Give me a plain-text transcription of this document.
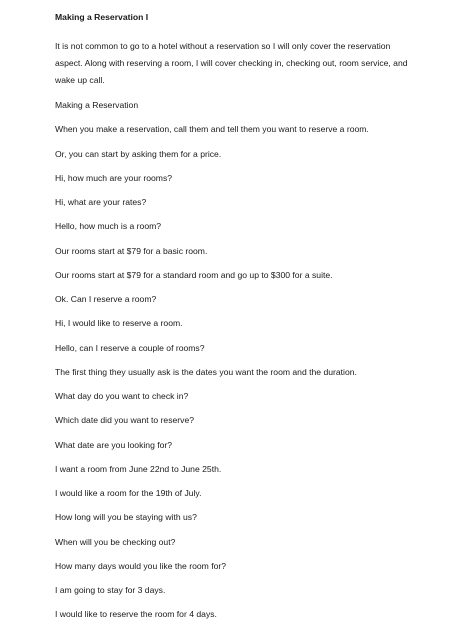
Making a Reservation I
It is not common to go to a hotel without a reservation so I will only cover the reservation
aspect. Along with reserving a room, I will cover checking in, checking out, room service, and
wake up call.
Making a Reservation
When you make a reservation, call them and tell them you want to reserve a room.
Or, you can start by asking them for a price.
Hi, how much are your rooms?
Hi, what are your rates?
Hello, how much is a room?
Our rooms start at $79 for a basic room.
Our rooms start at $79 for a standard room and go up to $300 for a suite.
Ok. Can I reserve a room?
Hi, I would like to reserve a room.
Hello, can I reserve a couple of rooms?
The first thing they usually ask is the dates you want the room and the duration.
What day do you want to check in?
Which date did you want to reserve?
What date are you looking for?
I want a room from June 22nd to June 25th.
I would like a room for the 19th of July.
How long will you be staying with us?
When will you be checking out?
How many days would you like the room for?
I am going to stay for 3 days.
I would like to reserve the room for 4 days.
